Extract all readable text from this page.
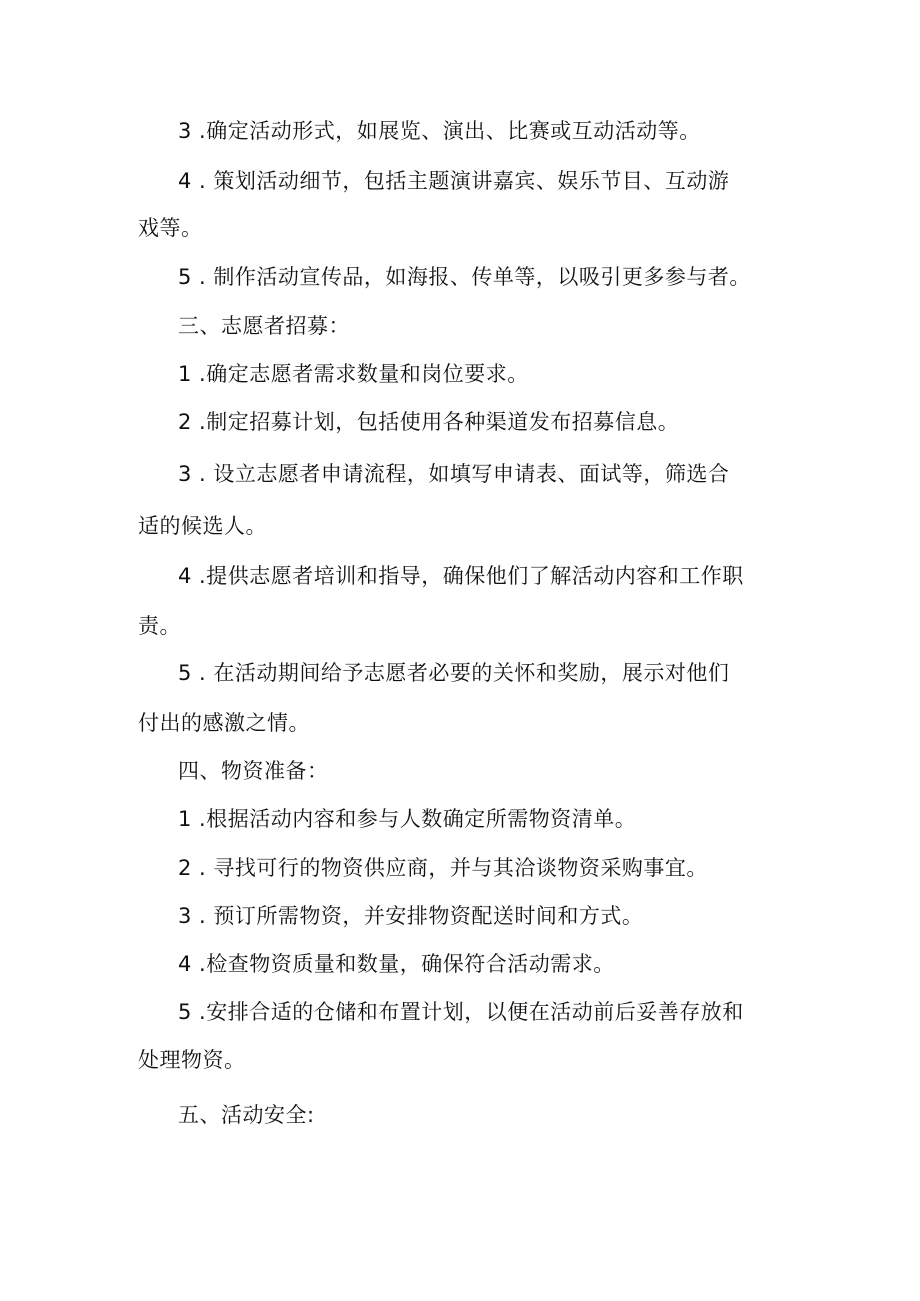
3 .确定活动形式，如展览、演出、比赛或互动活动等。
4 . 策划活动细节，包括主题演讲嘉宾、娱乐节目、互动游
戏等。
5 . 制作活动宣传品，如海报、传单等，以吸引更多参与者。
三、志愿者招募：
1 .确定志愿者需求数量和岗位要求。
2 .制定招募计划，包括使用各种渠道发布招募信息。
3 . 设立志愿者申请流程，如填写申请表、面试等，筛选合
适的候选人。
4 .提供志愿者培训和指导，确保他们了解活动内容和工作职
责。
5 . 在活动期间给予志愿者必要的关怀和奖励，展示对他们
付出的感激之情。
四、物资准备：
1 .根据活动内容和参与人数确定所需物资清单。
2 . 寻找可行的物资供应商，并与其洽谈物资采购事宜。
3 . 预订所需物资，并安排物资配送时间和方式。
4 .检查物资质量和数量，确保符合活动需求。
5 .安排合适的仓储和布置计划，以便在活动前后妥善存放和
处理物资。
五、活动安全:
